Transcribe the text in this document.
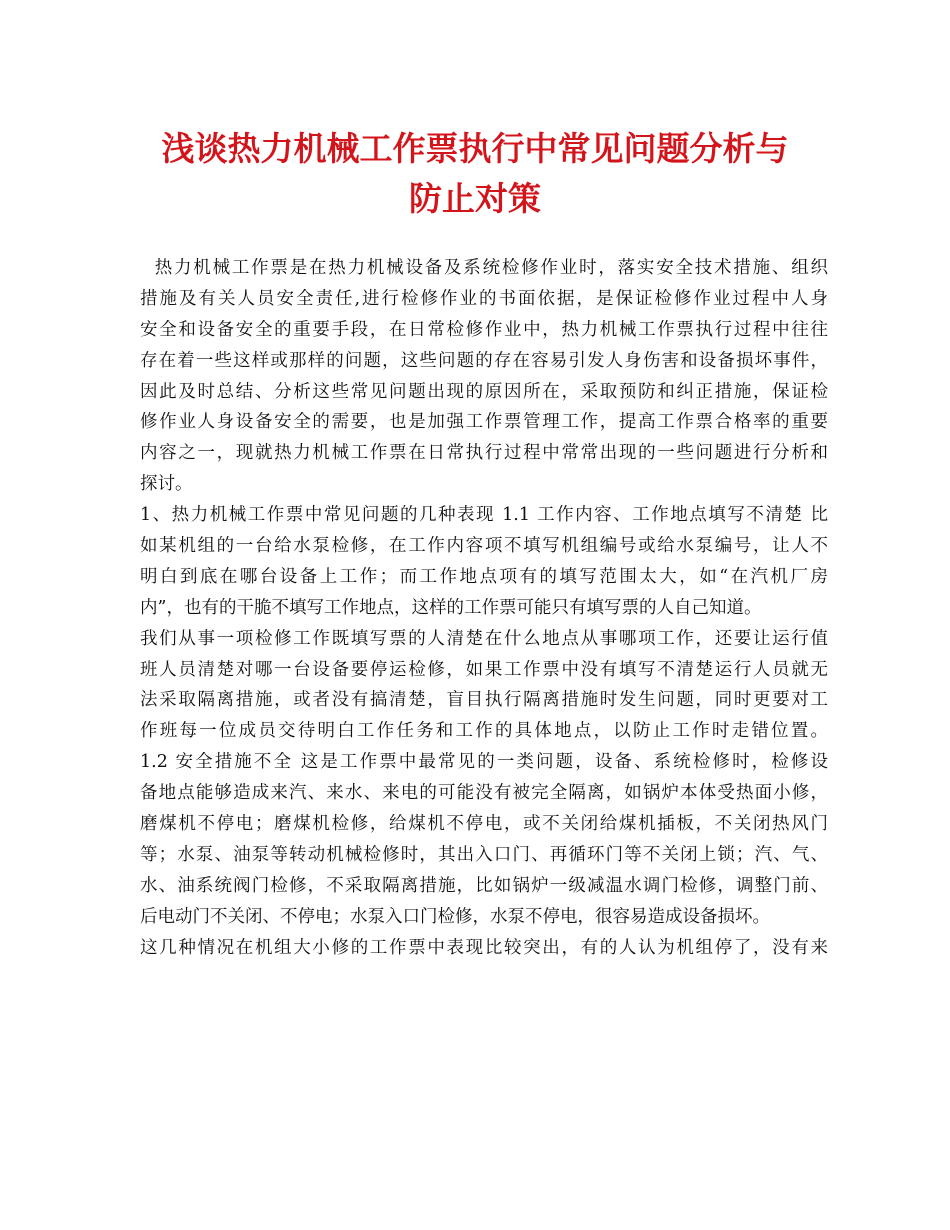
浅谈热力机械工作票执行中常见问题分析与
防止对策
热力机械工作票是在热力机械设备及系统检修作业时，落实安全技术措施、组织
措施及有关人员安全责任,进行检修作业的书面依据，是保证检修作业过程中人身
安全和设备安全的重要手段，在日常检修作业中，热力机械工作票执行过程中往往
存在着一些这样或那样的问题，这些问题的存在容易引发人身伤害和设备损坏事件，
因此及时总结、分析这些常见问题出现的原因所在，采取预防和纠正措施，保证检
修作业人身设备安全的需要，也是加强工作票管理工作，提高工作票合格率的重要
内容之一，现就热力机械工作票在日常执行过程中常常出现的一些问题进行分析和
探讨。
1、热力机械工作票中常见问题的几种表现 1.1 工作内容、工作地点填写不清楚 比
如某机组的一台给水泵检修，在工作内容项不填写机组编号或给水泵编号，让人不
明白到底在哪台设备上工作；而工作地点项有的填写范围太大，如“在汽机厂房
内”，也有的干脆不填写工作地点，这样的工作票可能只有填写票的人自己知道。
我们从事一项检修工作既填写票的人清楚在什么地点从事哪项工作，还要让运行值
班人员清楚对哪一台设备要停运检修，如果工作票中没有填写不清楚运行人员就无
法采取隔离措施，或者没有搞清楚，盲目执行隔离措施时发生问题，同时更要对工
作班每一位成员交待明白工作任务和工作的具体地点，以防止工作时走错位置。
1.2 安全措施不全 这是工作票中最常见的一类问题，设备、系统检修时，检修设
备地点能够造成来汽、来水、来电的可能没有被完全隔离，如锅炉本体受热面小修，
磨煤机不停电；磨煤机检修，给煤机不停电，或不关闭给煤机插板，不关闭热风门
等；水泵、油泵等转动机械检修时，其出入口门、再循环门等不关闭上锁；汽、气、
水、油系统阀门检修，不采取隔离措施，比如锅炉一级减温水调门检修，调整门前、
后电动门不关闭、不停电；水泵入口门检修，水泵不停电，很容易造成设备损坏。
这几种情况在机组大小修的工作票中表现比较突出，有的人认为机组停了，没有来
